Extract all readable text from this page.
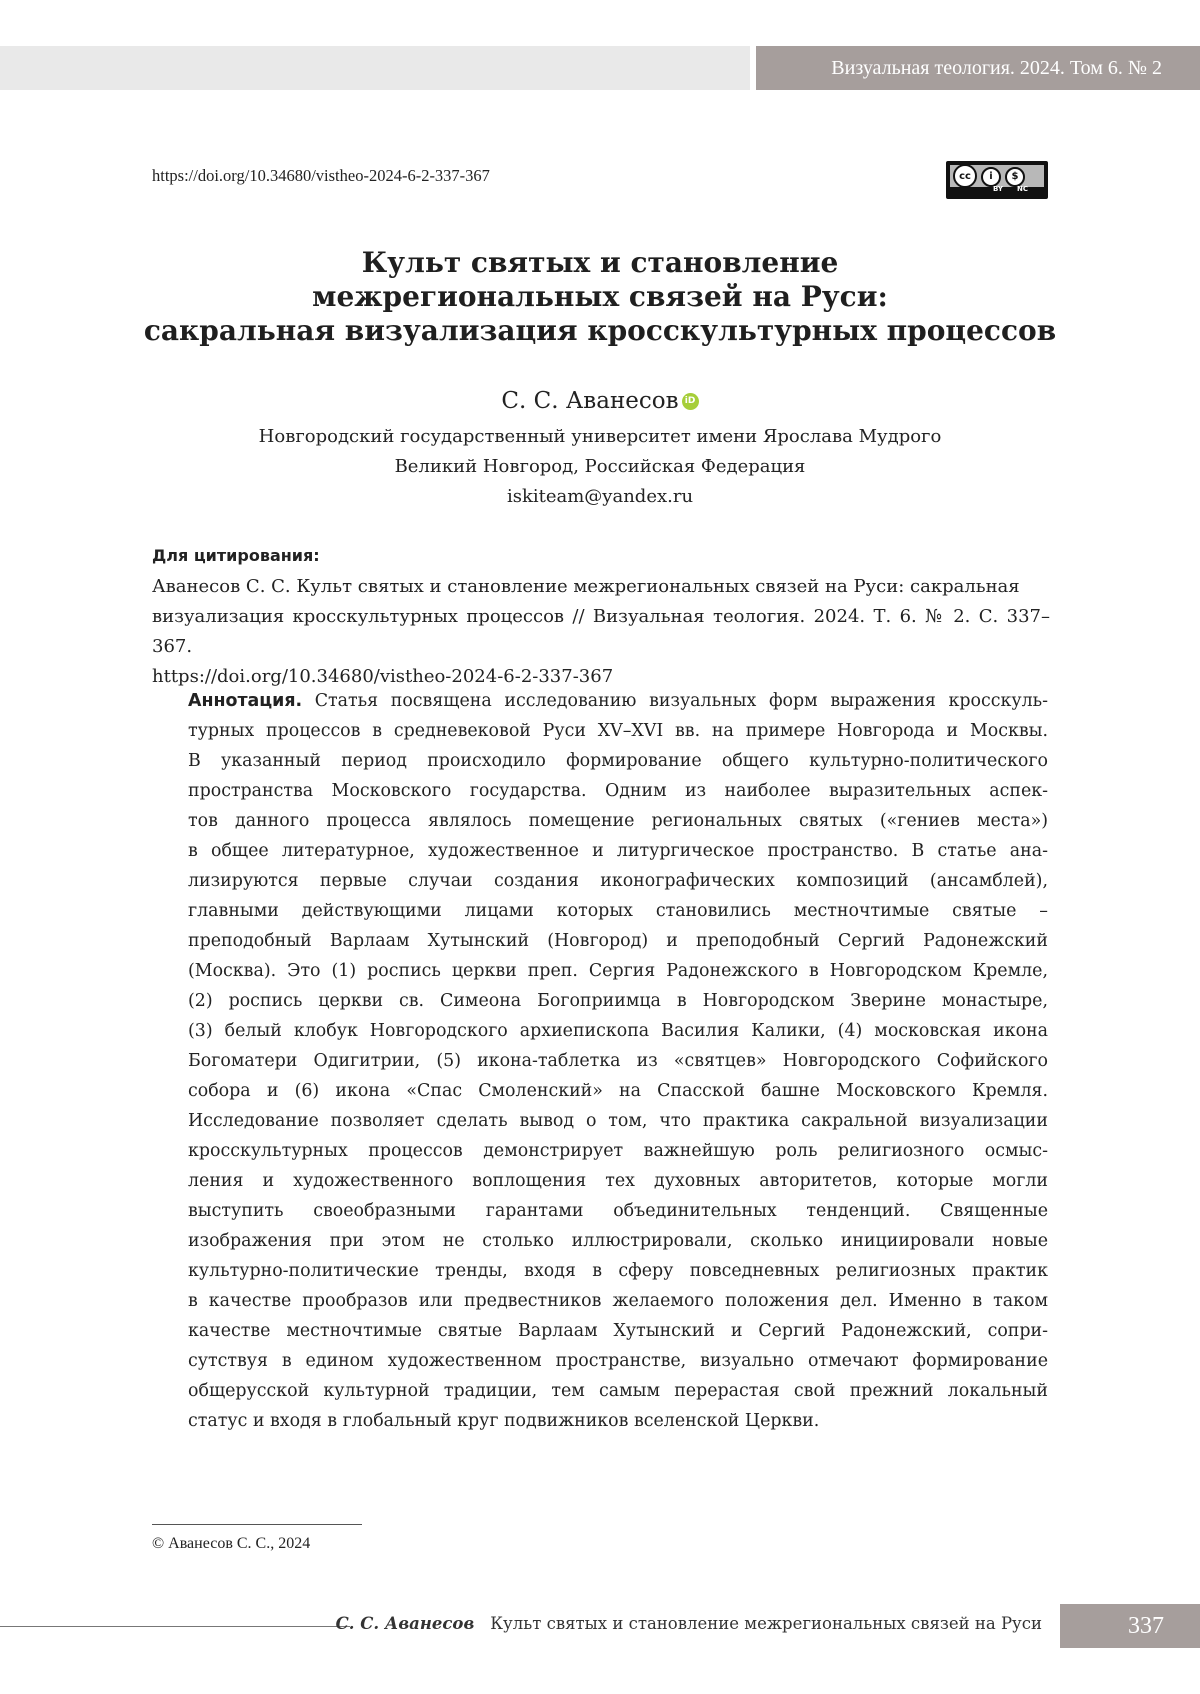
Визуальная теология. 2024. Том 6. № 2
https://doi.org/10.34680/vistheo-2024-6-2-337-367	cc	i	$
BY NC
Культ святых и становление
межрегиональных связей на Руси:
сакральная визуализация кросскультурных процессов
С. С. Аванесов iD
Новгородский государственный университет имени Ярослава Мудрого
Великий Новгород, Российская Федерация
iskiteam@yandex.ru
Для цитирования:
Аванесов С. С. Культ святых и становление межрегиональных связей на Руси: сакральная
визуализация кросскультурных процессов // Визуальная теология. 2024. Т. 6. № 2. С. 337–367.
https://doi.org/10.34680/vistheo-2024-6-2-337-367
Аннотация. Статья посвящена исследованию визуальных форм выражения кросскуль-
турных процессов в средневековой Руси XV–XVI вв. на примере Новгорода и Москвы.
В указанный период происходило формирование общего культурно-политического
пространства Московского государства. Одним из наиболее выразительных аспек-
тов данного процесса являлось помещение региональных святых («гениев места»)
в общее литературное, художественное и литургическое пространство. В статье ана-
лизируются первые случаи создания иконографических композиций (ансамблей),
главными действующими лицами которых становились местночтимые святые –
преподобный Варлаам Хутынский (Новгород) и преподобный Сергий Радонежский
(Москва). Это (1) роспись церкви преп. Сергия Радонежского в Новгородском Кремле,
(2) роспись церкви св. Симеона Богоприимца в Новгородском Зверине монастыре,
(3) белый клобук Новгородского архиепископа Василия Калики, (4) московская икона
Богоматери Одигитрии, (5) икона-таблетка из «святцев» Новгородского Софийского
собора и (6) икона «Спас Смоленский» на Спасской башне Московского Кремля.
Исследование позволяет сделать вывод о том, что практика сакральной визуализации
кросскультурных процессов демонстрирует важнейшую роль религиозного осмыс-
ления и художественного воплощения тех духовных авторитетов, которые могли
выступить своеобразными гарантами объединительных тенденций. Священные
изображения при этом не столько иллюстрировали, сколько инициировали новые
культурно-политические тренды, входя в сферу повседневных религиозных практик
в качестве прообразов или предвестников желаемого положения дел. Именно в таком
качестве местночтимые святые Варлаам Хутынский и Сергий Радонежский, сопри-
сутствуя в едином художественном пространстве, визуально отмечают формирование
общерусской культурной традиции, тем самым перерастая свой прежний локальный
статус и входя в глобальный круг подвижников вселенской Церкви.
© Аванесов С. С., 2024
С. С. Аванесов Культ святых и становление межрегиональных связей на Руси	337
